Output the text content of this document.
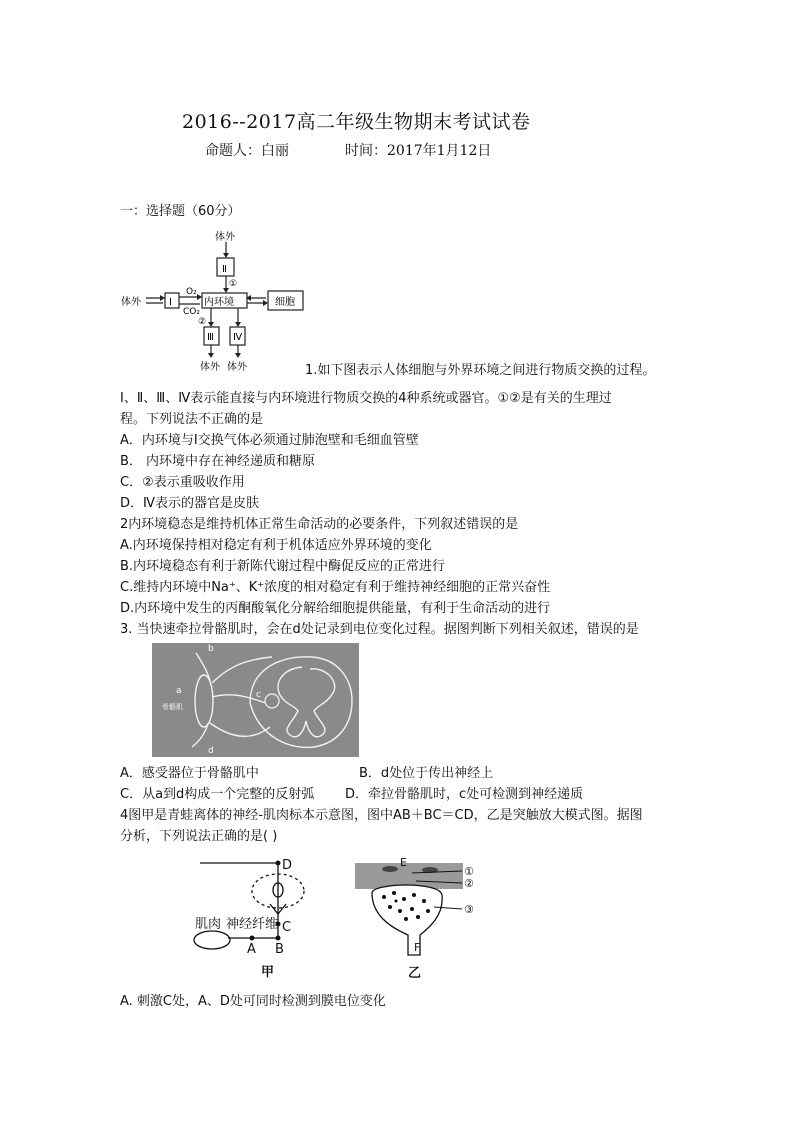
2016--2017高二年级生物期末考试试卷
命题人：白丽	时间：2017年1月12日
一：选择题（60分）
体外
Ⅱ
①
体外	Ⅰ
O₂
CO₂
内环境	细胞
②
Ⅲ Ⅳ
体外 体外	1.如下图表示人体细胞与外界环境之间进行物质交换的过程。
Ⅰ、Ⅱ、Ⅲ、Ⅳ表示能直接与内环境进行物质交换的4种系统或器官。①②是有关的生理过
程。下列说法不正确的是
A．内环境与Ⅰ交换气体必须通过肺泡壁和毛细血管壁
B． 内环境中存在神经递质和糖原
C．②表示重吸收作用
D．Ⅳ表示的器官是皮肤
2内环境稳态是维持机体正常生命活动的必要条件，下列叙述错误的是
A.内环境保持相对稳定有利于机体适应外界环境的变化
B.内环境稳态有利于新陈代谢过程中酶促反应的正常进行
C.维持内环境中Na⁺、K⁺浓度的相对稳定有利于维持神经细胞的正常兴奋性
D.内环境中发生的丙酮酸氧化分解给细胞提供能量，有利于生命活动的进行
3. 当快速牵拉骨骼肌时，会在d处记录到电位变化过程。据图判断下列相关叙述，错误的是
b
a	c
d
骨骼肌
A．感受器位于骨骼肌中	B．d处位于传出神经上
C．从a到d构成一个完整的反射弧 D．牵拉骨骼肌时，c处可检测到神经递质
4图甲是青蛙离体的神经-肌肉标本示意图，图中AB＋BC＝CD，乙是突触放大模式图。据图
分析，下列说法正确的是( )
D
C
B
A
肌肉 神经纤维
甲
E
F
①
②
③
乙
A. 刺激C处，A、D处可同时检测到膜电位变化
